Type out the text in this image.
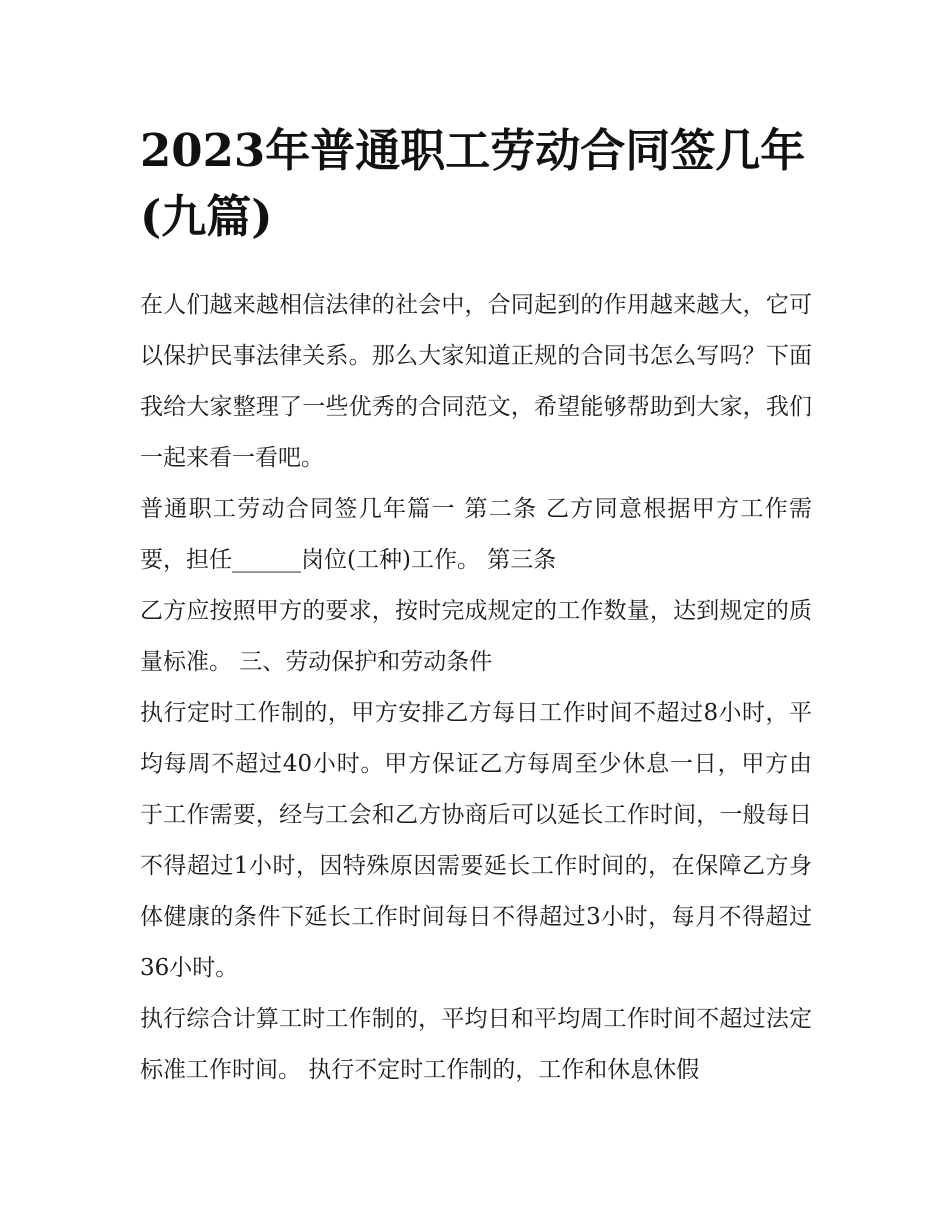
2023年普通职工劳动合同签几年(九篇)

在人们越来越相信法律的社会中，合同起到的作用越来越大，它可以保护民事法律关系。那么大家知道正规的合同书怎么写吗？下面我给大家整理了一些优秀的合同范文，希望能够帮助到大家，我们一起来看一看吧。

普通职工劳动合同签几年篇一 第二条 乙方同意根据甲方工作需要，担任______岗位(工种)工作。 第三条

乙方应按照甲方的要求，按时完成规定的工作数量，达到规定的质量标准。 三、劳动保护和劳动条件

执行定时工作制的，甲方安排乙方每日工作时间不超过8小时，平均每周不超过40小时。甲方保证乙方每周至少休息一日，甲方由于工作需要，经与工会和乙方协商后可以延长工作时间，一般每日不得超过1小时，因特殊原因需要延长工作时间的，在保障乙方身体健康的条件下延长工作时间每日不得超过3小时，每月不得超过36小时。

执行综合计算工时工作制的，平均日和平均周工作时间不超过法定标准工作时间。 执行不定时工作制的，工作和休息休假
